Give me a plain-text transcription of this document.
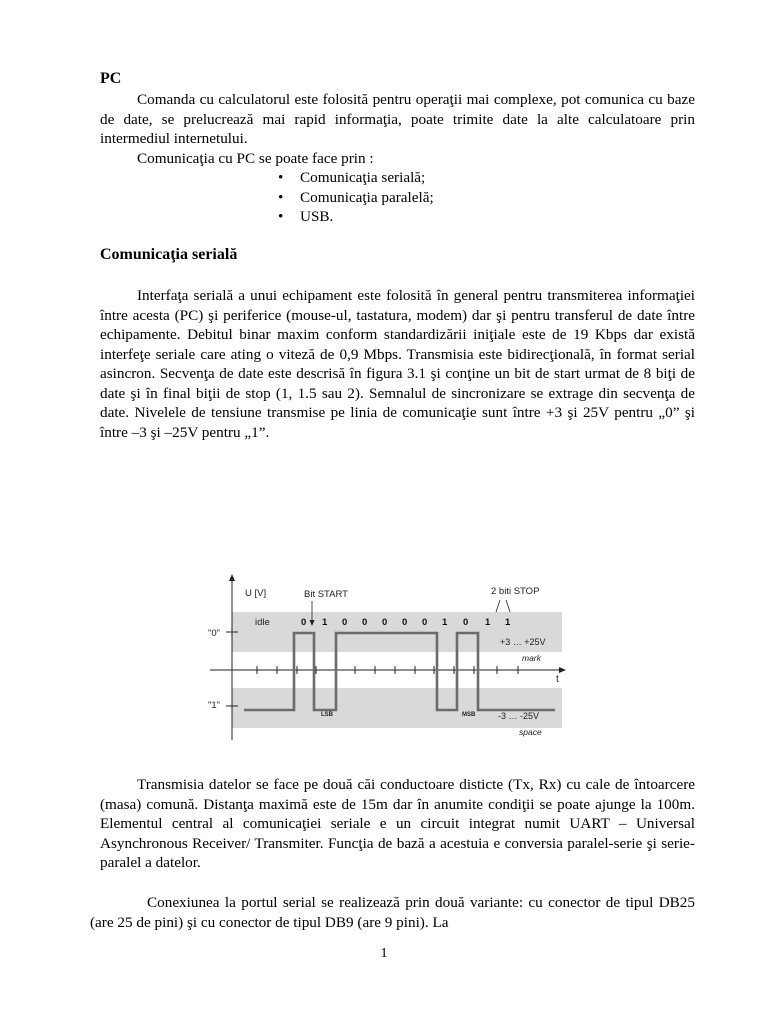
PC
Comanda cu calculatorul este folosită pentru operaţii mai complexe, pot comunica cu baze de date, se prelucrează mai rapid informaţia, poate trimite date la alte calculatoare prin intermediul internetului.
Comunicaţia cu PC se poate face prin :
• Comunicaţia serială;
• Comunicaţia paralelă;
• USB.
Comunicaţia serială
Interfaţa serială a unui echipament este folosită în general pentru transmiterea informaţiei între acesta (PC) şi periferice (mouse-ul, tastatura, modem) dar şi pentru transferul de date între echipamente. Debitul binar maxim conform standardizării iniţiale este de 19 Kbps dar există interfeţe seriale care ating o viteză de 0,9 Mbps. Transmisia este bidirecţională, în format serial asincron. Secvenţa de date este descrisă în figura 3.1 şi conţine un bit de start urmat de 8 biţi de date şi în final biţii de stop (1, 1.5 sau 2). Semnalul de sincronizare se extrage din secvenţa de date. Nivelele de tensiune transmise pe linia de comunicaţie sunt între +3 şi 25V pentru „0” şi între –3 şi –25V pentru „1”.
U [V]
t
"0"
"1"
idle
Bit START	2 biti STOP
0 1 0 0 0 0 0 1 0 1 1
LSB	MSB
+3 … +25V
mark
-3 … -25V
space
Transmisia datelor se face pe două căi conductoare disticte (Tx, Rx) cu cale de întoarcere (masa) comună. Distanţa maximă este de 15m dar în anumite condiţii se poate ajunge la 100m. Elementul central al comunicaţiei seriale e un circuit integrat numit UART – Universal Asynchronous Receiver/ Transmiter. Funcţia de bază a acestuia e conversia paralel-serie şi serie-paralel a datelor.
Conexiunea la portul serial se realizează prin două variante: cu conector de tipul DB25 (are 25 de pini) şi cu conector de tipul DB9 (are 9 pini). La
1
